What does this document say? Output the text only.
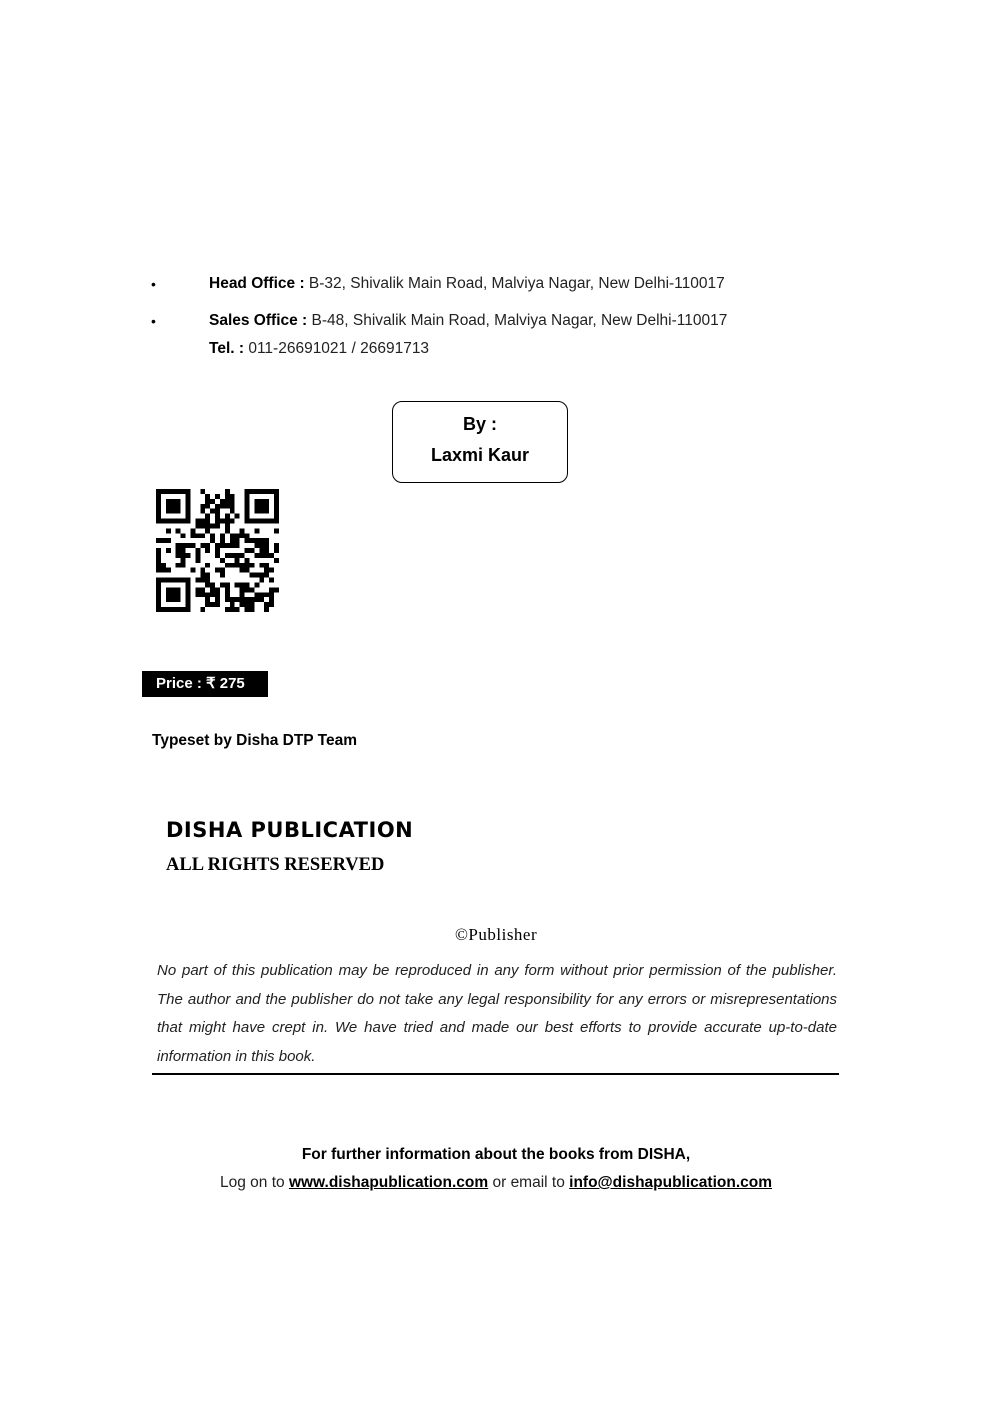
•	Head Office : B-32, Shivalik Main Road, Malviya Nagar, New Delhi-110017
•	Sales Office : B-48, Shivalik Main Road, Malviya Nagar, New Delhi-110017
Tel. : 011-26691021 / 26691713
By :
Laxmi Kaur
Price : ₹ 275
Typeset by Disha DTP Team
DISHA PUBLICATION
ALL RIGHTS RESERVED
©Publisher
No part of this publication may be reproduced in any form without prior permission of the publisher. The author and the publisher do not take any legal responsibility for any errors or misrepresentations that might have crept in. We have tried and made our best efforts to provide accurate up-to-date information in this book.
For further information about the books from DISHA,
Log on to www.dishapublication.com or email to info@dishapublication.com
